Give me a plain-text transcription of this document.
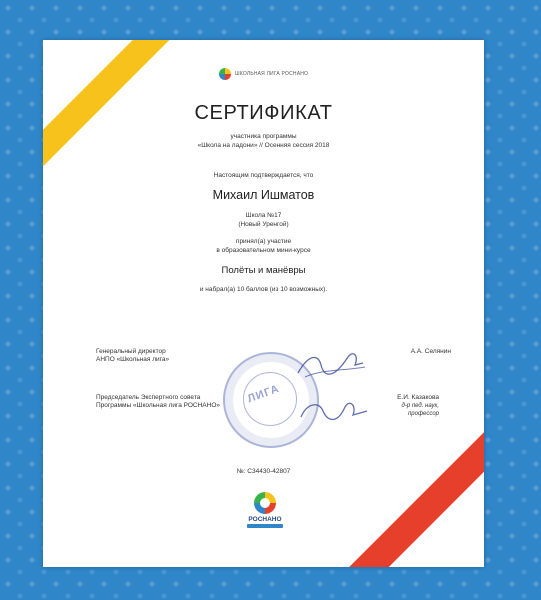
ШКОЛЬНАЯ ЛИГА РОСНАНО
СЕРТИФИКАТ
участника программы
«Школа на ладони» // Осенняя сессия 2018
Настоящим подтверждается, что
Михаил Ишматов
Школа №17
(Новый Уренгой)
принял(а) участие
в образовательном мини-курсе
Полёты и манёвры
и набрал(а) 10 баллов (из 10 возможных).
ЛИГА
Генеральный директор
АНПО «Школьная лига»
А.А. Селянин
Председатель Экспертного совета
Программы «Школьная лига РОСНАНО»
Е.И. Казакова
д-р пед. наук,
профессор
№: C34430-42807
РОСНАНО
